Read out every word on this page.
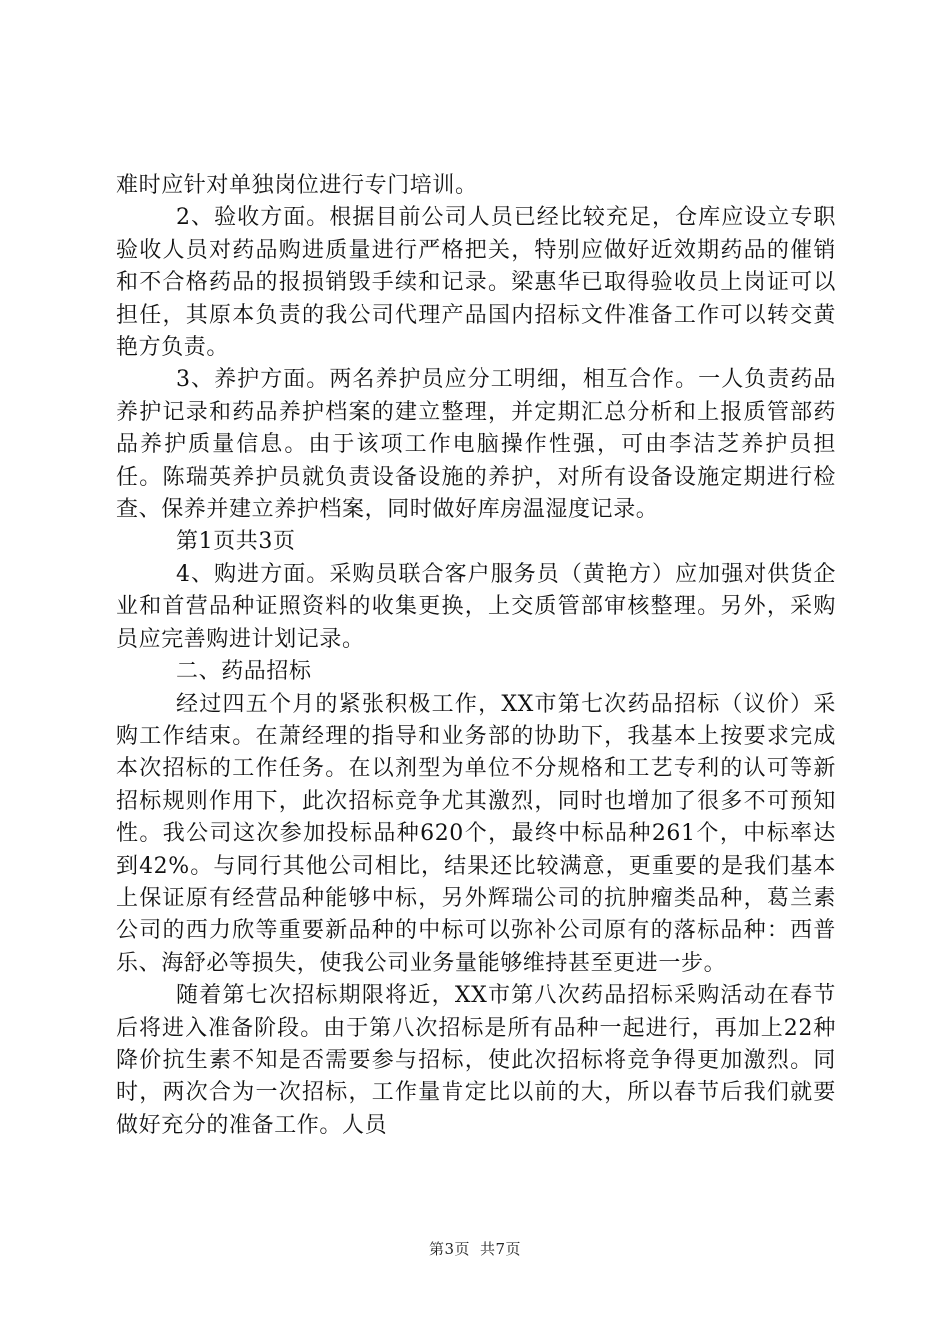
难时应针对单独岗位进行专门培训。

2、验收方面。根据目前公司人员已经比较充足，仓库应设立专职验收人员对药品购进质量进行严格把关，特别应做好近效期药品的催销和不合格药品的报损销毁手续和记录。梁惠华已取得验收员上岗证可以担任，其原本负责的我公司代理产品国内招标文件准备工作可以转交黄艳方负责。

3、养护方面。两名养护员应分工明细，相互合作。一人负责药品养护记录和药品养护档案的建立整理，并定期汇总分析和上报质管部药品养护质量信息。由于该项工作电脑操作性强，可由李洁芝养护员担任。陈瑞英养护员就负责设备设施的养护，对所有设备设施定期进行检查、保养并建立养护档案，同时做好库房温湿度记录。

第1页共3页

4、购进方面。采购员联合客户服务员（黄艳方）应加强对供货企业和首营品种证照资料的收集更换，上交质管部审核整理。另外，采购员应完善购进计划记录。

二、药品招标

经过四五个月的紧张积极工作，XX市第七次药品招标（议价）采购工作结束。在萧经理的指导和业务部的协助下，我基本上按要求完成本次招标的工作任务。在以剂型为单位不分规格和工艺专利的认可等新招标规则作用下，此次招标竞争尤其激烈，同时也增加了很多不可预知性。我公司这次参加投标品种620个，最终中标品种261个，中标率达到42%。与同行其他公司相比，结果还比较满意，更重要的是我们基本上保证原有经营品种能够中标，另外辉瑞公司的抗肿瘤类品种，葛兰素公司的西力欣等重要新品种的中标可以弥补公司原有的落标品种：西普乐、海舒必等损失，使我公司业务量能够维持甚至更进一步。

随着第七次招标期限将近，XX市第八次药品招标采购活动在春节后将进入准备阶段。由于第八次招标是所有品种一起进行，再加上22种降价抗生素不知是否需要参与招标，使此次招标将竞争得更加激烈。同时，两次合为一次招标，工作量肯定比以前的大，所以春节后我们就要做好充分的准备工作。人员

第3页 共7页
